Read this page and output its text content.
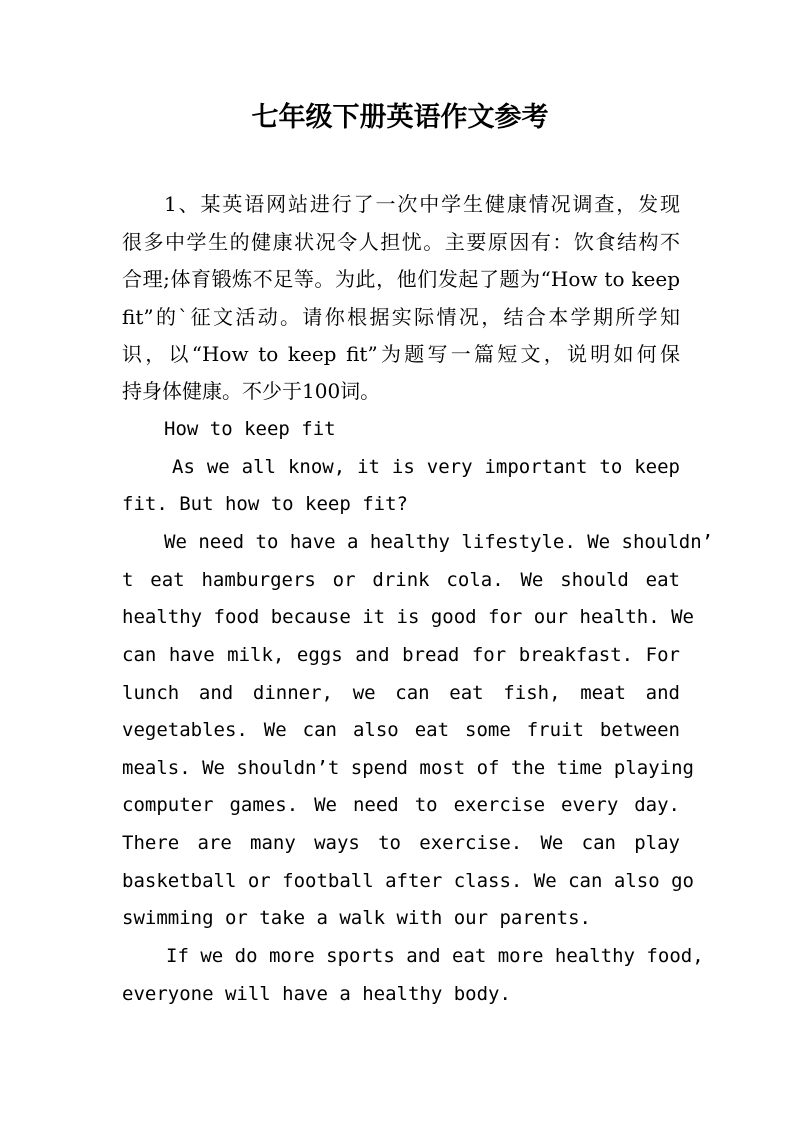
七年级下册英语作文参考
1、某英语网站进行了一次中学生健康情况调查，发现
很多中学生的健康状况令人担忧。主要原因有：饮食结构不
合理;体育锻炼不足等。为此，他们发起了题为“How to keep
fit”的`征文活动。请你根据实际情况，结合本学期所学知
识，以“How to keep fit”为题写一篇短文，说明如何保
持身体健康。不少于100词。
How to keep fit
As we all know, it is very important to keep
fit. But how to keep fit?
We need to have a healthy lifestyle. We shouldn’
t eat hamburgers or drink cola. We should eat
healthy food because it is good for our health. We
can have milk, eggs and bread for breakfast. For
lunch and dinner, we can eat fish, meat and
vegetables. We can also eat some fruit between
meals. We shouldn’t spend most of the time playing
computer games. We need to exercise every day.
There are many ways to exercise. We can play
basketball or football after class. We can also go
swimming or take a walk with our parents.
If we do more sports and eat more healthy food,
everyone will have a healthy body.
